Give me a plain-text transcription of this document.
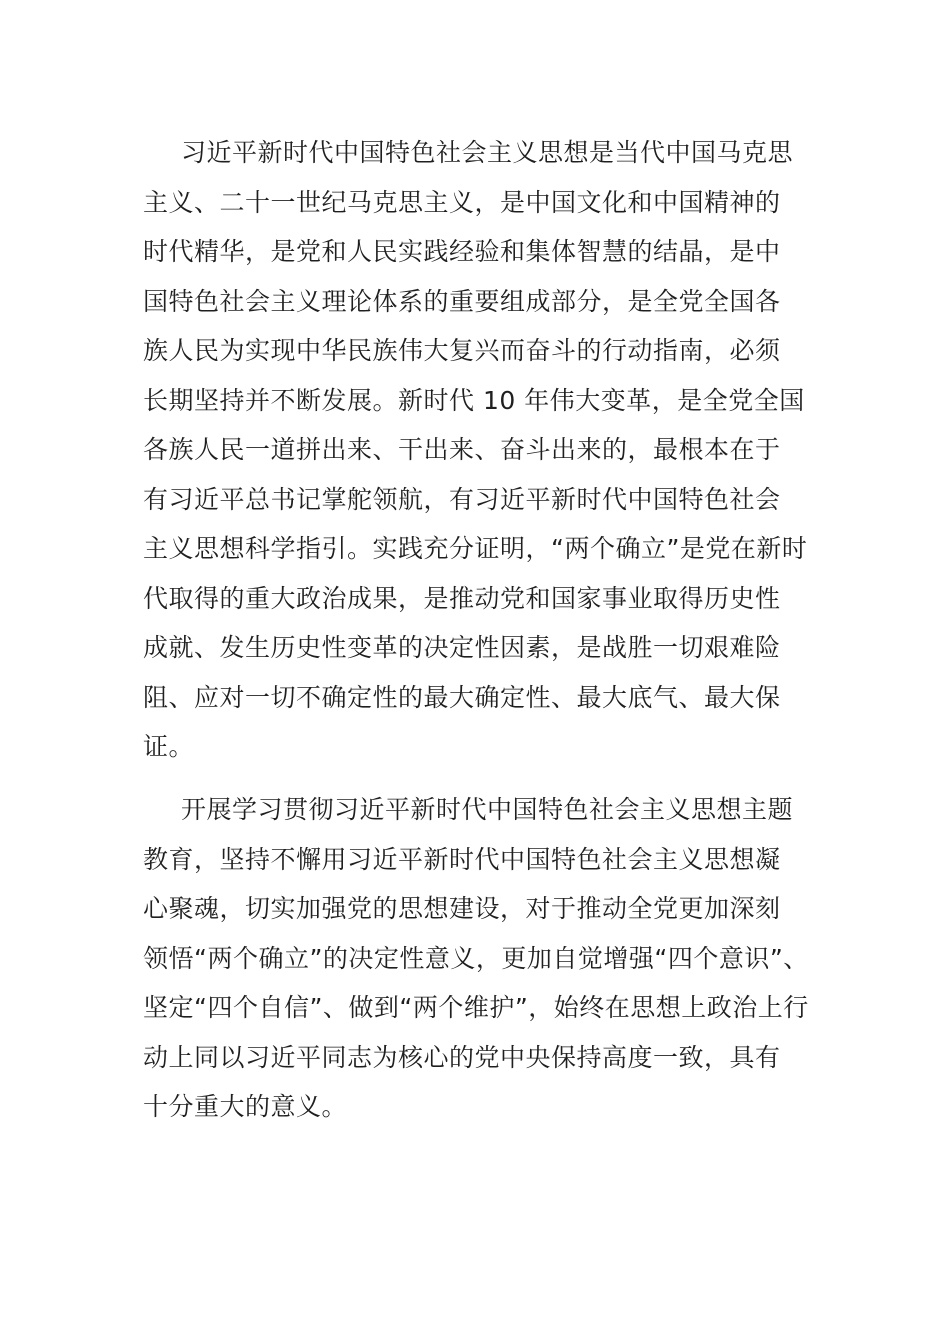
习近平新时代中国特色社会主义思想是当代中国马克思
主义、二十一世纪马克思主义，是中国文化和中国精神的
时代精华，是党和人民实践经验和集体智慧的结晶，是中
国特色社会主义理论体系的重要组成部分，是全党全国各
族人民为实现中华民族伟大复兴而奋斗的行动指南，必须
长期坚持并不断发展。新时代 10 年伟大变革，是全党全国
各族人民一道拼出来、干出来、奋斗出来的，最根本在于
有习近平总书记掌舵领航，有习近平新时代中国特色社会
主义思想科学指引。实践充分证明，“两个确立”是党在新时
代取得的重大政治成果，是推动党和国家事业取得历史性
成就、发生历史性变革的决定性因素，是战胜一切艰难险
阻、应对一切不确定性的最大确定性、最大底气、最大保
证。
开展学习贯彻习近平新时代中国特色社会主义思想主题
教育，坚持不懈用习近平新时代中国特色社会主义思想凝
心聚魂，切实加强党的思想建设，对于推动全党更加深刻
领悟“两个确立”的决定性意义，更加自觉增强“四个意识”、
坚定“四个自信”、做到“两个维护”，始终在思想上政治上行
动上同以习近平同志为核心的党中央保持高度一致，具有
十分重大的意义。
